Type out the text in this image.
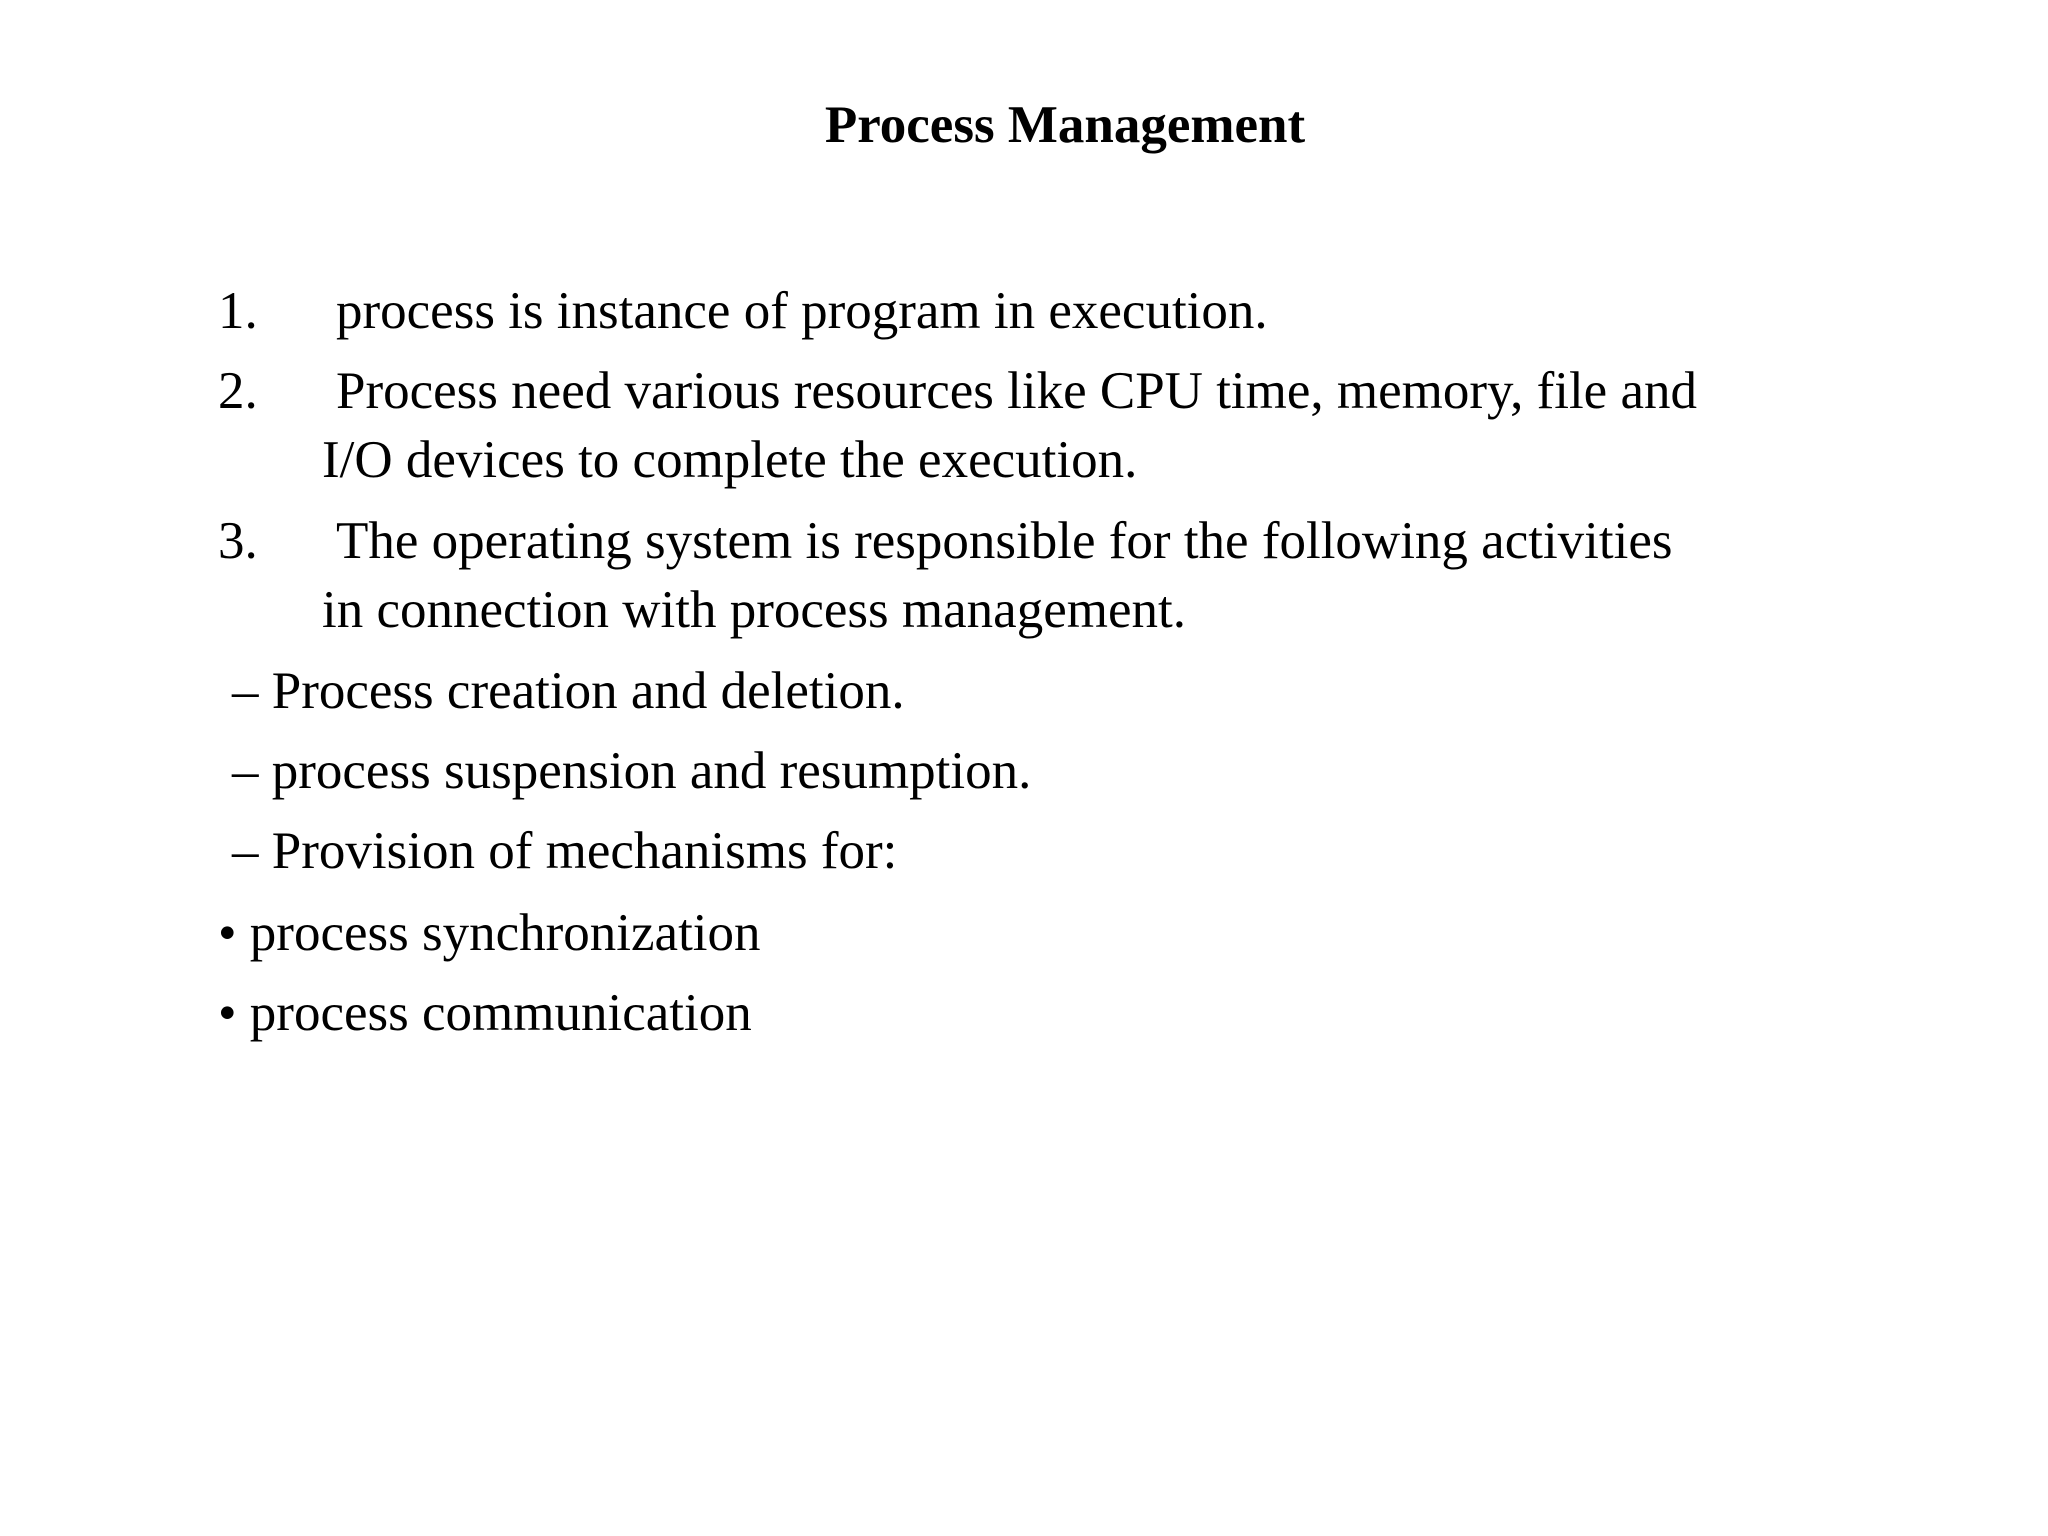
Process Management
1. process is instance of program in execution.
2. Process need various resources like CPU time, memory, file and
I/O devices to complete the execution.
3. The operating system is responsible for the following activities
in connection with process management.
– Process creation and deletion.
– process suspension and resumption.
– Provision of mechanisms for:
• process synchronization
• process communication
